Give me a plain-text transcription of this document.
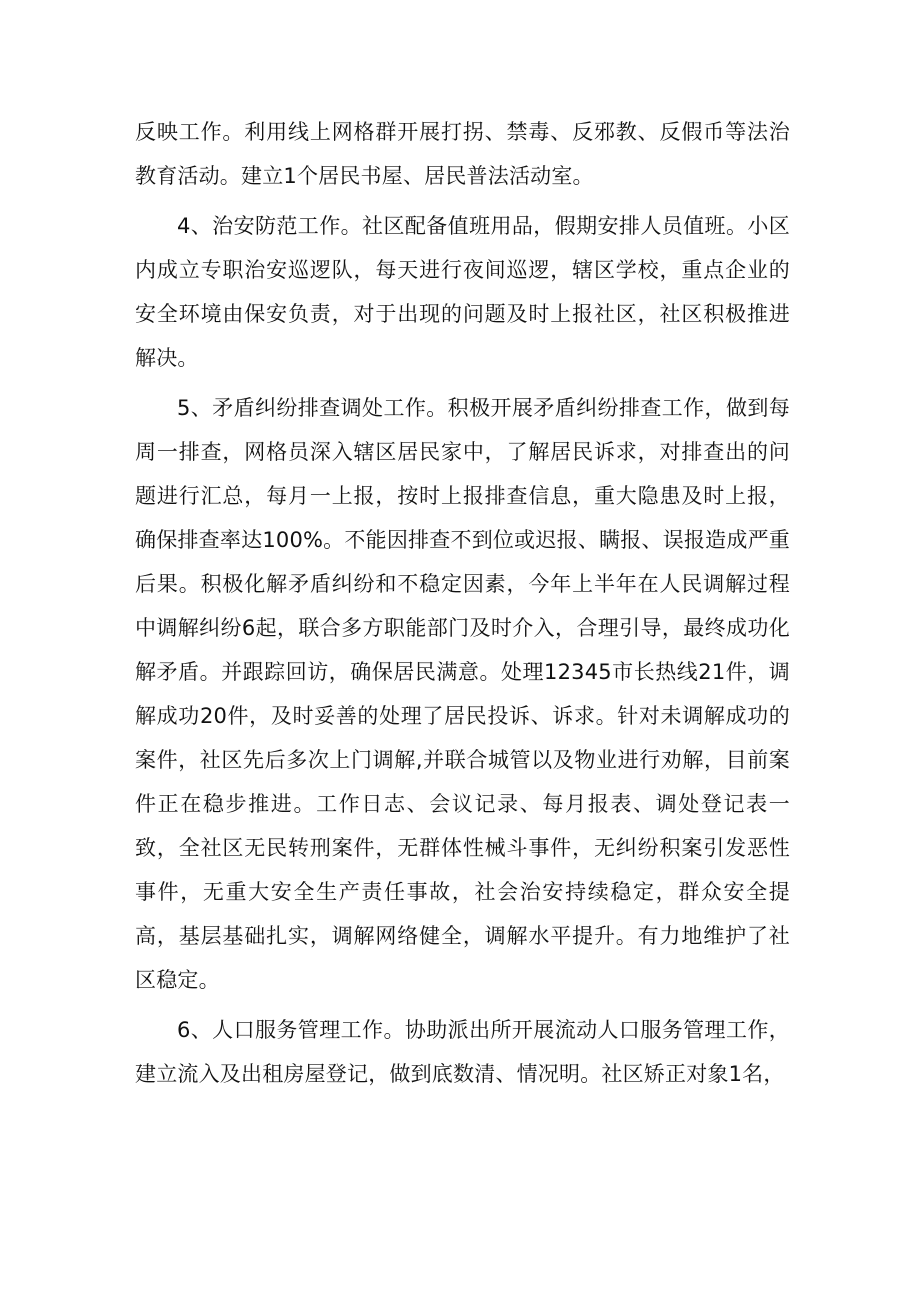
反映工作。利用线上网格群开展打拐、禁毒、反邪教、反假币等法治教育活动。建立1个居民书屋、居民普法活动室。

4、治安防范工作。社区配备值班用品，假期安排人员值班。小区内成立专职治安巡逻队，每天进行夜间巡逻，辖区学校，重点企业的安全环境由保安负责，对于出现的问题及时上报社区，社区积极推进解决。

5、矛盾纠纷排查调处工作。积极开展矛盾纠纷排查工作，做到每周一排查，网格员深入辖区居民家中，了解居民诉求，对排查出的问题进行汇总，每月一上报，按时上报排查信息，重大隐患及时上报，确保排查率达100%。不能因排查不到位或迟报、瞒报、误报造成严重后果。积极化解矛盾纠纷和不稳定因素，今年上半年在人民调解过程中调解纠纷6起，联合多方职能部门及时介入，合理引导，最终成功化解矛盾。并跟踪回访，确保居民满意。处理12345市长热线21件，调解成功20件，及时妥善的处理了居民投诉、诉求。针对未调解成功的案件，社区先后多次上门调解,并联合城管以及物业进行劝解，目前案件正在稳步推进。工作日志、会议记录、每月报表、调处登记表一致，全社区无民转刑案件，无群体性械斗事件，无纠纷积案引发恶性事件，无重大安全生产责任事故，社会治安持续稳定，群众安全提高，基层基础扎实，调解网络健全，调解水平提升。有力地维护了社区稳定。

6、人口服务管理工作。协助派出所开展流动人口服务管理工作，建立流入及出租房屋登记，做到底数清、情况明。社区矫正对象1名，
